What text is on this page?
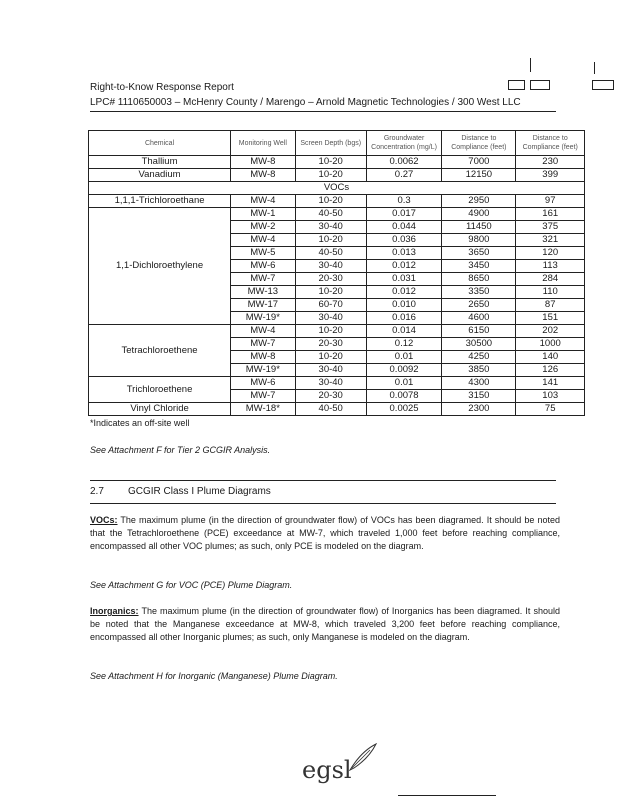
Right-to-Know Response Report
LPC# 1110650003 – McHenry County / Marengo – Arnold Magnetic Technologies / 300 West LLC
Chemical	Monitoring Well	Screen Depth (bgs)	Groundwater Concentration (mg/L)	Distance to Compliance (feet)	Distance to Compliance (feet)
Thallium	MW-8	10-20	0.0062	7000	230
Vanadium	MW-8	10-20	0.27	12150	399
VOCs					
1,1,1-Trichloroethane	MW-4	10-20	0.3	2950	97
1,1-Dichloroethylene	MW-1	40-50	0.017	4900	161
	MW-2	30-40	0.044	11450	375
	MW-4	10-20	0.036	9800	321
	MW-5	40-50	0.013	3650	120
	MW-6	30-40	0.012	3450	113
	MW-7	20-30	0.031	8650	284
	MW-13	10-20	0.012	3350	110
	MW-17	60-70	0.010	2650	87
	MW-19*	30-40	0.016	4600	151
Tetrachloroethene	MW-4	10-20	0.014	6150	202
	MW-7	20-30	0.12	30500	1000
	MW-8	10-20	0.01	4250	140
	MW-19*	30-40	0.0092	3850	126
Trichloroethene	MW-6	30-40	0.01	4300	141
	MW-7	20-30	0.0078	3150	103
Vinyl Chloride	MW-18*	40-50	0.0025	2300	75
*Indicates an off-site well
See Attachment F for Tier 2 GCGIR Analysis.
2.7 GCGIR Class I Plume Diagrams
VOCs: The maximum plume (in the direction of groundwater flow) of VOCs has been diagramed. It should be noted that the Tetrachloroethene (PCE) exceedance at MW-7, which traveled 1,000 feet before reaching compliance, encompassed all other VOC plumes; as such, only PCE is modeled on the diagram.
See Attachment G for VOC (PCE) Plume Diagram.
Inorganics: The maximum plume (in the direction of groundwater flow) of Inorganics has been diagramed. It should be noted that the Manganese exceedance at MW-8, which traveled 3,200 feet before reaching compliance, encompassed all other Inorganic plumes; as such, only Manganese is modeled on the diagram.
See Attachment H for Inorganic (Manganese) Plume Diagram.
egsl
